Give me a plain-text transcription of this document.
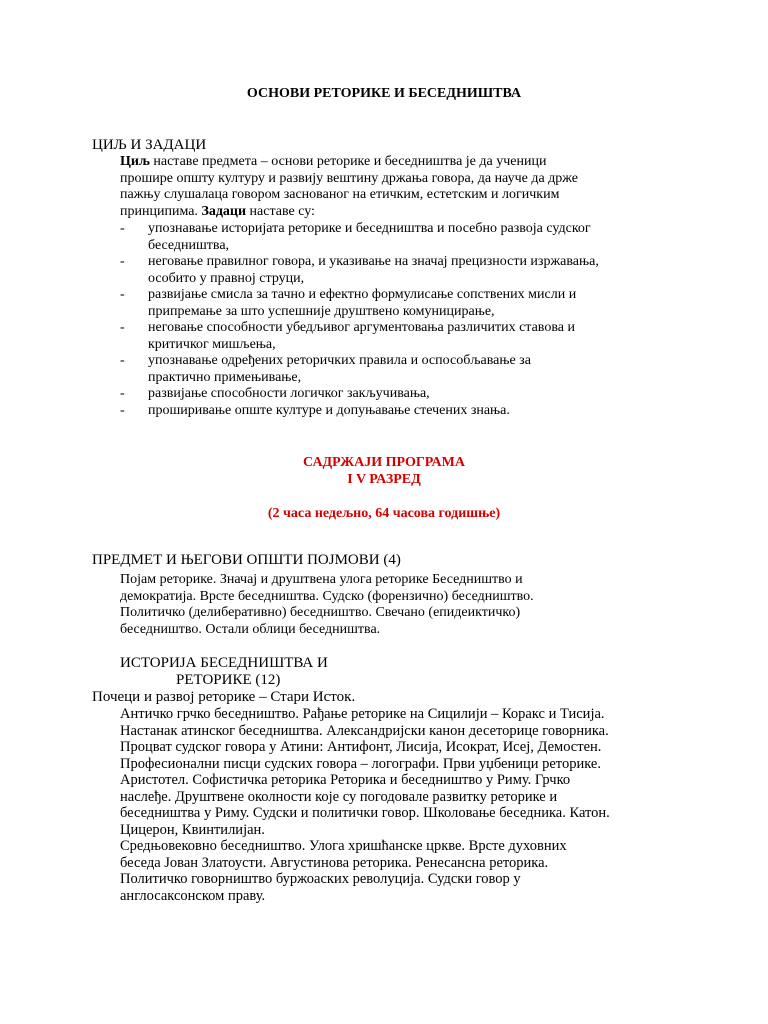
ОСНОВИ РЕТОРИКЕ И БЕСЕДНИШТВА
ЦИЉ И ЗАДАЦИ
Циљ наставе предмета – основи реторике и беседништва је да ученици
прошире општу културу и развију вештину држања говора, да науче да држе
пажњу слушалаца говором заснованог на етичким, естетским и логичким
принципима. Задаци наставе су:
- упознавање историјата реторике и беседништва и посебно развоја судског
беседништва,
- неговање правилног говора, и указивање на значај прецизности изржавања,
особито у правној струци,
- развијање смисла за тачно и ефектно формулисање сопствених мисли и
припремање за што успешније друштвено комуницирање,
- неговање способности убедљивог аргументовања различитих ставова и
критичког мишљења,
- упознавање одређених реторичких правила и оспособљавање за
практично примењивање,
- развијање способности логичког закључивања,
- проширивање опште културе и допуњавање стечених знања.
САДРЖАЈИ ПРОГРАМА
I V РАЗРЕД
(2 часа недељно, 64 часова годишње)
ПРЕДМЕТ И ЊЕГОВИ ОПШТИ ПОЈМОВИ (4)
Појам реторике. Значај и друштвена улога реторике Беседништво и
демократија. Врсте беседништва. Судско (форензично) беседништво.
Политичко (делиберативно) беседништво. Свечано (епидеиктичко)
беседништво. Остали облици беседништва.
ИСТОРИЈА БЕСЕДНИШТВА И
РЕТОРИКЕ (12)
Почеци и развој реторике – Стари Исток.
Античко грчко беседништво. Рађање реторике на Сицилији – Коракс и Тисија.
Настанак атинског беседништва. Александријски канон десеторице говорника.
Процват судског говора у Атини: Антифонт, Лисија, Исократ, Исеј, Демостен.
Професионални писци судских говора – логографи. Први уџбеници реторике.
Аристотел. Софистичка реторика Реторика и беседништво у Риму. Грчко
наслеђе. Друштвене околности које су погодовале развитку реторике и
беседништва у Риму. Судски и политички говор. Школовање беседника. Катон.
Цицерон, Квинтилијан.
Средњовековно беседништво. Улога хришћанске цркве. Врсте духовних
беседа Јован Златоусти. Августинова реторика. Ренесансна реторика.
Политичко говорништво буржоаских револуција. Судски говор у
англосаксонском праву.
